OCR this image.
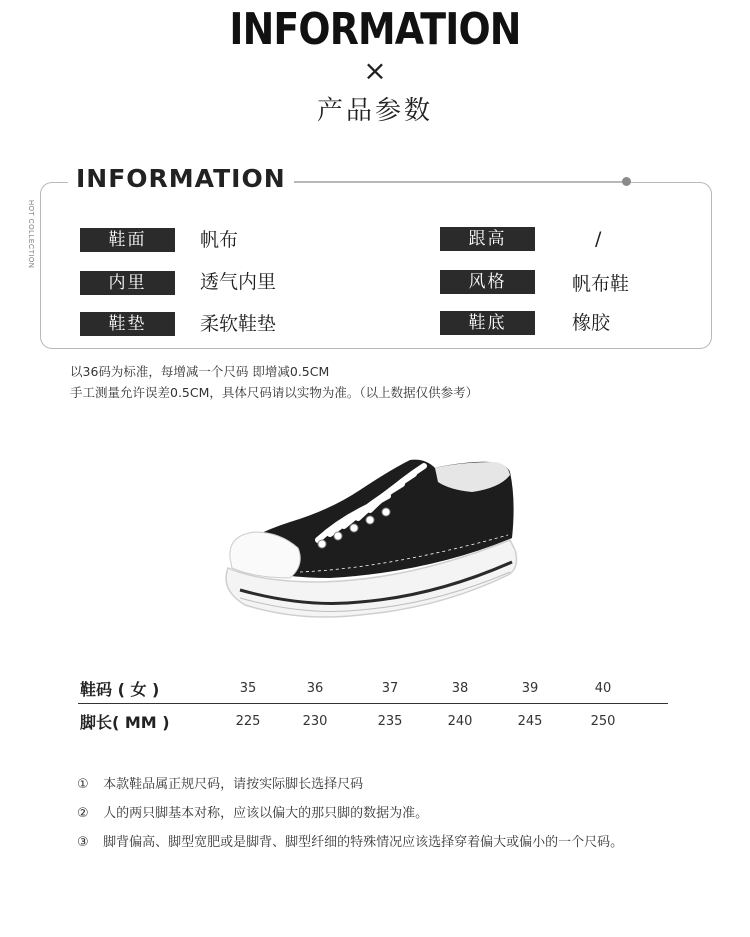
INFORMATION
×
产品参数
INFORMATION
HOT COLLECTION	鞋面	帆布	跟高	/
内里	透气内里	风格	帆布鞋
鞋垫	柔软鞋垫	鞋底	橡胶
以36码为标准，每增减一个尺码 即增减0.5CM
手工测量允许误差0.5CM，具体尺码请以实物为准。（以上数据仅供参考）
鞋码 ( 女 )	35	36	37	38	39	40
脚长( MM )	225	230	235	240	245	250
① 本款鞋品属正规尺码，请按实际脚长选择尺码
② 人的两只脚基本对称，应该以偏大的那只脚的数据为准。
③ 脚背偏高、脚型宽肥或是脚背、脚型纤细的特殊情况应该选择穿着偏大或偏小的一个尺码。
